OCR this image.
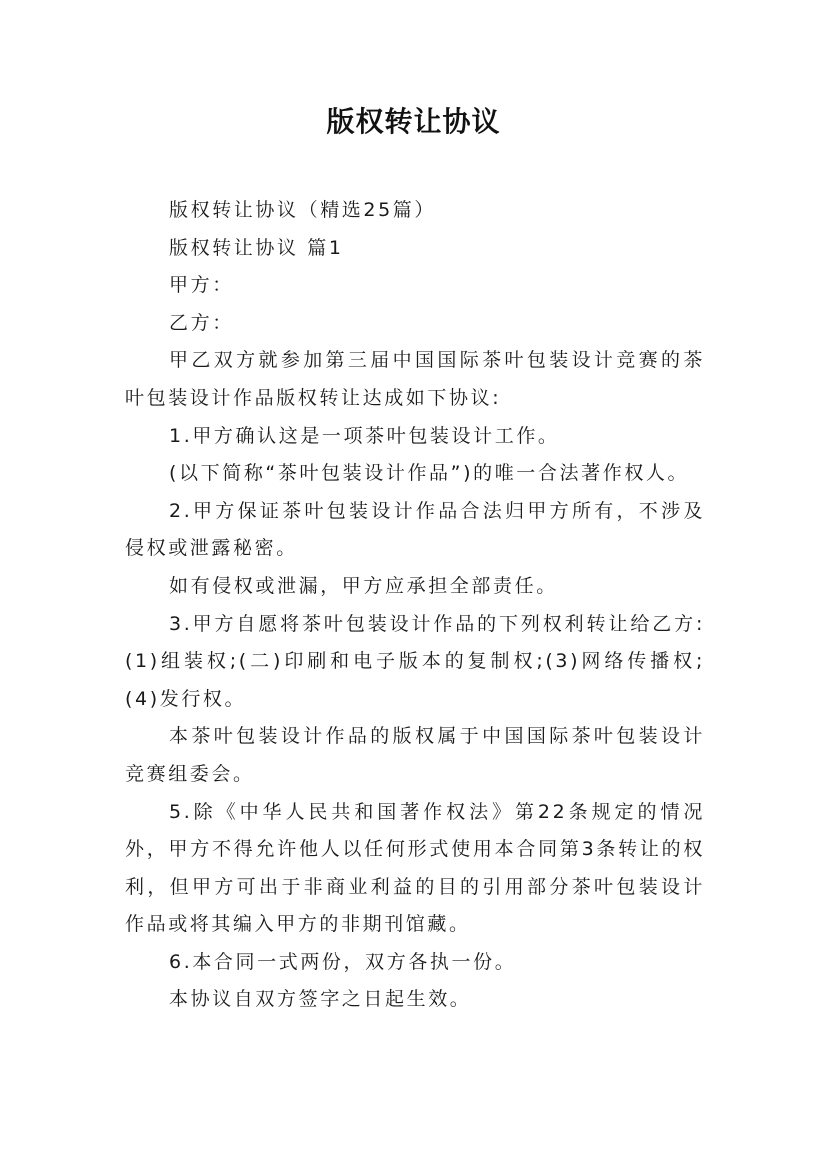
版权转让协议

版权转让协议（精选25篇）

版权转让协议 篇1

甲方：

乙方：

甲乙双方就参加第三届中国国际茶叶包装设计竞赛的茶叶包装设计作品版权转让达成如下协议:

1.甲方确认这是一项茶叶包装设计工作。

(以下简称“茶叶包装设计作品”)的唯一合法著作权人。

2.甲方保证茶叶包装设计作品合法归甲方所有，不涉及侵权或泄露秘密。

如有侵权或泄漏，甲方应承担全部责任。

3.甲方自愿将茶叶包装设计作品的下列权利转让给乙方:(1)组装权;(二)印刷和电子版本的复制权;(3)网络传播权;(4)发行权。

本茶叶包装设计作品的版权属于中国国际茶叶包装设计竞赛组委会。

5.除《中华人民共和国著作权法》第22条规定的情况外，甲方不得允许他人以任何形式使用本合同第3条转让的权利，但甲方可出于非商业利益的目的引用部分茶叶包装设计作品或将其编入甲方的非期刊馆藏。

6.本合同一式两份，双方各执一份。

本协议自双方签字之日起生效。
